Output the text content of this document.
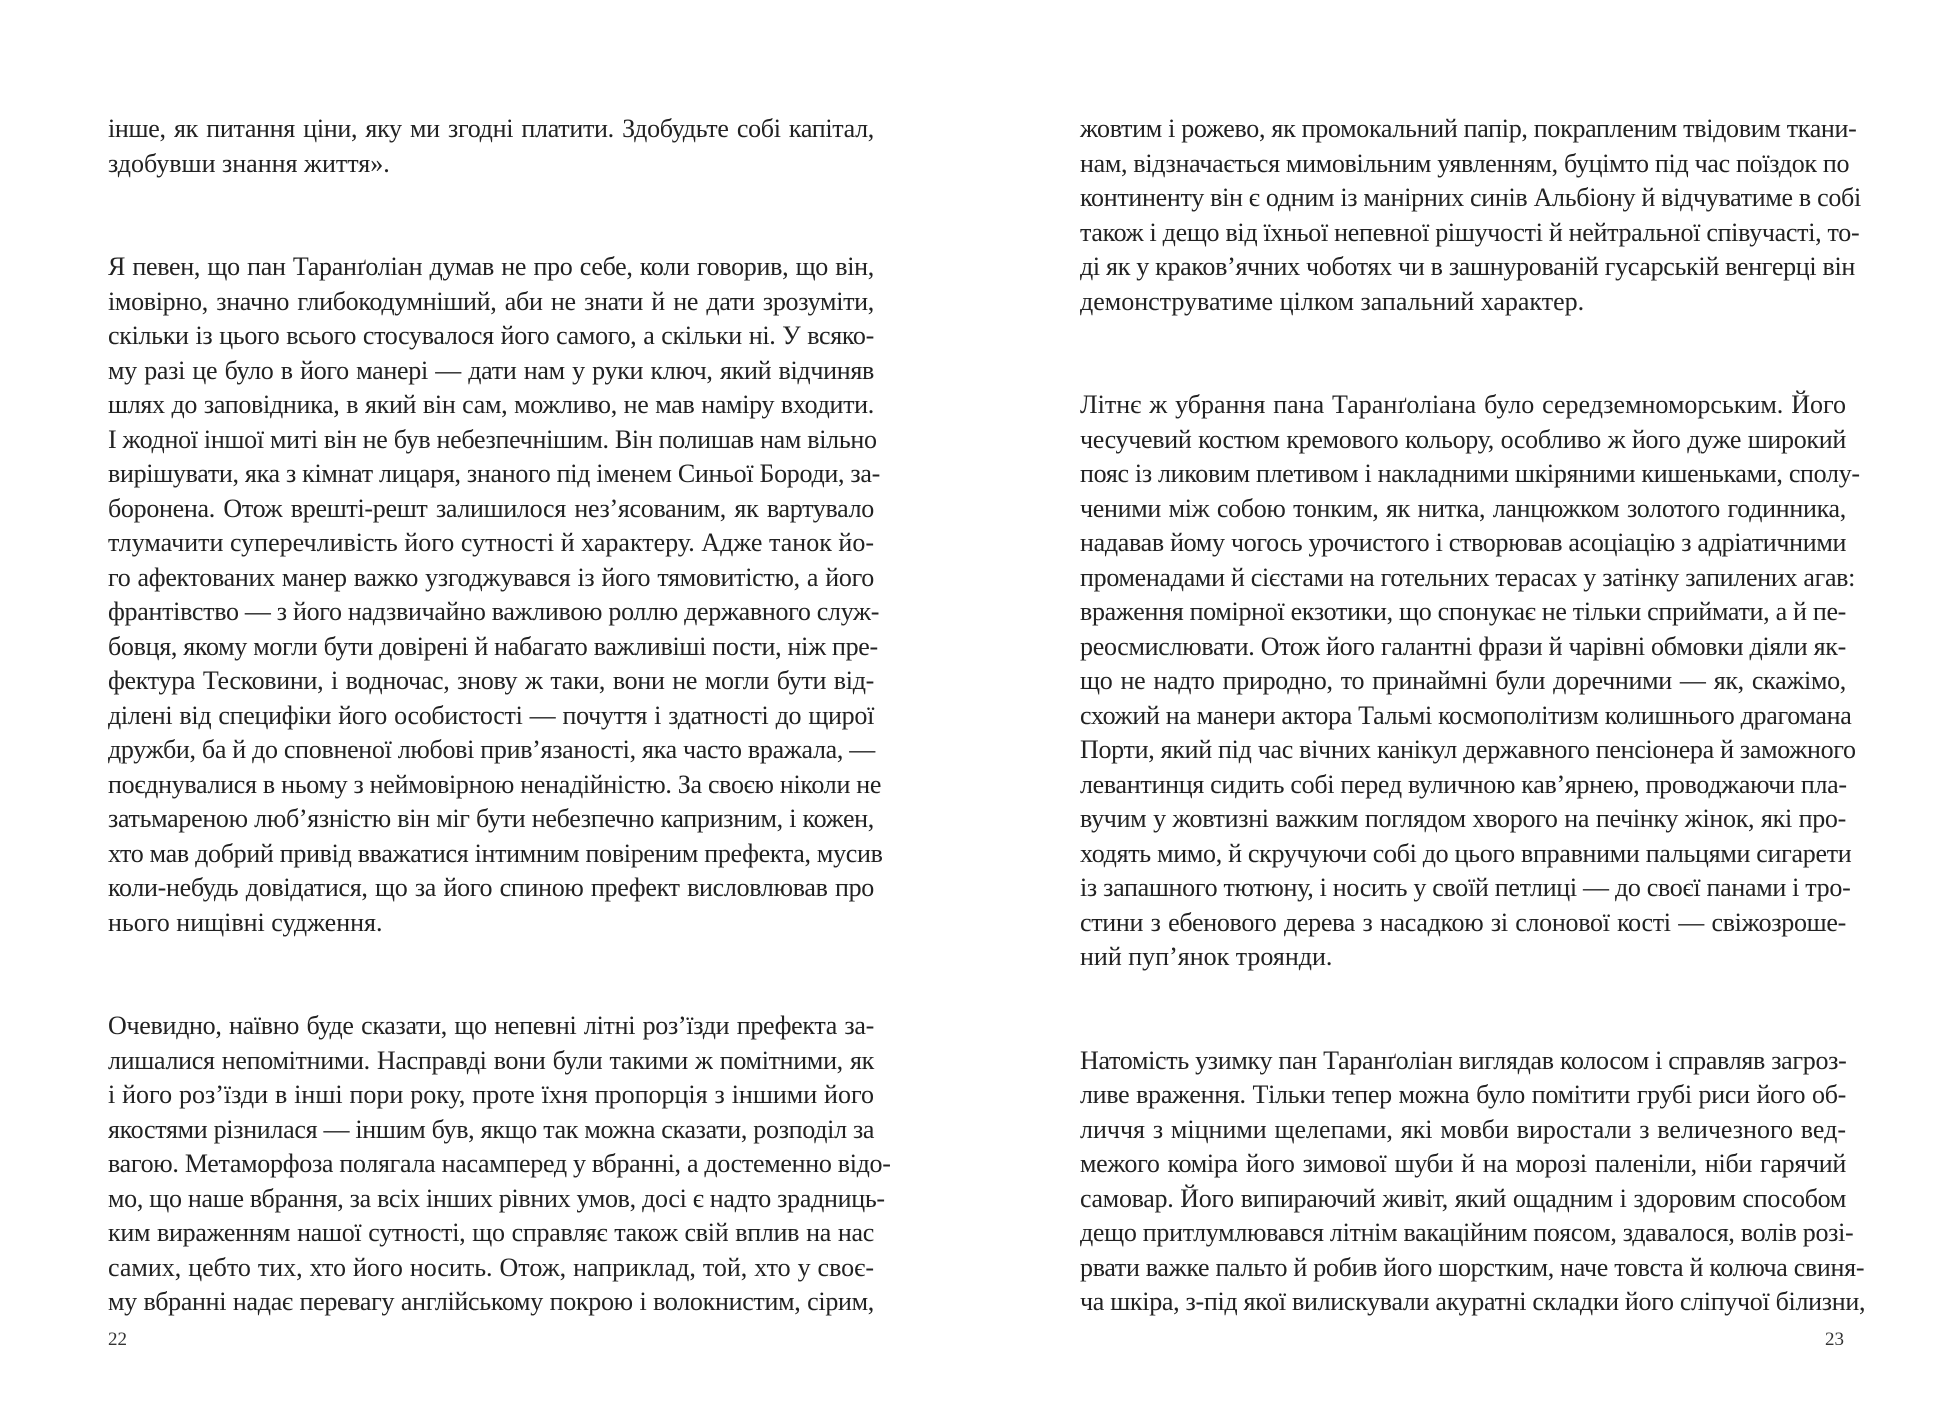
інше, як питання ціни, яку ми згодні платити. Здобудьте собі капітал,
здобувши знання життя».
Я певен, що пан Таранґоліан думав не про себе, коли говорив, що він,
імовірно, значно глибокодумніший, аби не знати й не дати зрозуміти,
скільки із цього всього стосувалося його самого, а скільки ні. У всяко-
му разі це було в його манері — дати нам у руки ключ, який відчиняв
шлях до заповідника, в який він сам, можливо, не мав наміру входити.
І жодної іншої миті він не був небезпечнішим. Він полишав нам вільно
вирішувати, яка з кімнат лицаря, знаного під іменем Синьої Бороди, за-
боронена. Отож врешті-решт залишилося нез’ясованим, як вартувало
тлумачити суперечливість його сутності й характеру. Адже танок йо-
го афектованих манер важко узгоджувався із його тямовитістю, а його
франтівство — з його надзвичайно важливою роллю державного служ-
бовця, якому могли бути довірені й набагато важливіші пости, ніж пре-
фектура Тесковини, і водночас, знову ж таки, вони не могли бути від-
ділені від специфіки його особистості — почуття і здатності до щирої
дружби, ба й до сповненої любові прив’язаності, яка часто вражала, —
поєднувалися в ньому з неймовірною ненадійністю. За своєю ніколи не
затьмареною люб’язністю він міг бути небезпечно капризним, і кожен,
хто мав добрий привід вважатися інтимним повіреним префекта, мусив
коли-небудь довідатися, що за його спиною префект висловлював про
нього нищівні судження.
Очевидно, наївно буде сказати, що непевні літні роз’їзди префекта за-
лишалися непомітними. Насправді вони були такими ж помітними, як
і його роз’їзди в інші пори року, проте їхня пропорція з іншими його
якостями різнилася — іншим був, якщо так можна сказати, розподіл за
вагою. Метаморфоза полягала насамперед у вбранні, а достеменно відо-
мо, що наше вбрання, за всіх інших рівних умов, досі є надто зрадниць-
ким вираженням нашої сутності, що справляє також свій вплив на нас
самих, цебто тих, хто його носить. Отож, наприклад, той, хто у своє-
му вбранні надає перевагу англійському покрою і волокнистим, сірим,
22
жовтим і рожево, як промокальний папір, покрапленим твідовим ткани-
нам, відзначається мимовільним уявленням, буцімто під час поїздок по
континенту він є одним із манірних синів Альбіону й відчуватиме в собі
також і дещо від їхньої непевної рішучості й нейтральної співучасті, то-
ді як у краков’ячних чоботях чи в зашнурованій гусарській венгерці він
демонструватиме цілком запальний характер.
Літнє ж убрання пана Таранґоліана було середземноморським. Його
чесучевий костюм кремового кольору, особливо ж його дуже широкий
пояс із ликовим плетивом і накладними шкіряними кишеньками, сполу-
ченими між собою тонким, як нитка, ланцюжком золотого годинника,
надавав йому чогось урочистого і створював асоціацію з адріатичними
променадами й сієстами на готельних терасах у затінку запилених агав:
враження помірної екзотики, що спонукає не тільки сприймати, а й пе-
реосмислювати. Отож його галантні фрази й чарівні обмовки діяли як-
що не надто природно, то принаймні були доречними — як, скажімо,
схожий на манери актора Тальмі космополітизм колишнього драгомана
Порти, який під час вічних канікул державного пенсіонера й заможного
левантинця сидить собі перед вуличною кав’ярнею, проводжаючи пла-
вучим у жовтизні важким поглядом хворого на печінку жінок, які про-
ходять мимо, й скручуючи собі до цього вправними пальцями сигарети
із запашного тютюну, і носить у своїй петлиці — до своєї панами і тро-
стини з ебенового дерева з насадкою зі слонової кості — свіжозроше-
ний пуп’янок троянди.
Натомість узимку пан Таранґоліан виглядав колосом і справляв загроз-
ливе враження. Тільки тепер можна було помітити грубі риси його об-
личчя з міцними щелепами, які мовби виростали з величезного вед-
межого коміра його зимової шуби й на морозі паленіли, ніби гарячий
самовар. Його випираючий живіт, який ощадним і здоровим способом
дещо притлумлювався літнім вакаційним поясом, здавалося, волів розі-
рвати важке пальто й робив його шорстким, наче товста й колюча свиня-
ча шкіра, з-під якої вилискували акуратні складки його сліпучої білизни,
23
